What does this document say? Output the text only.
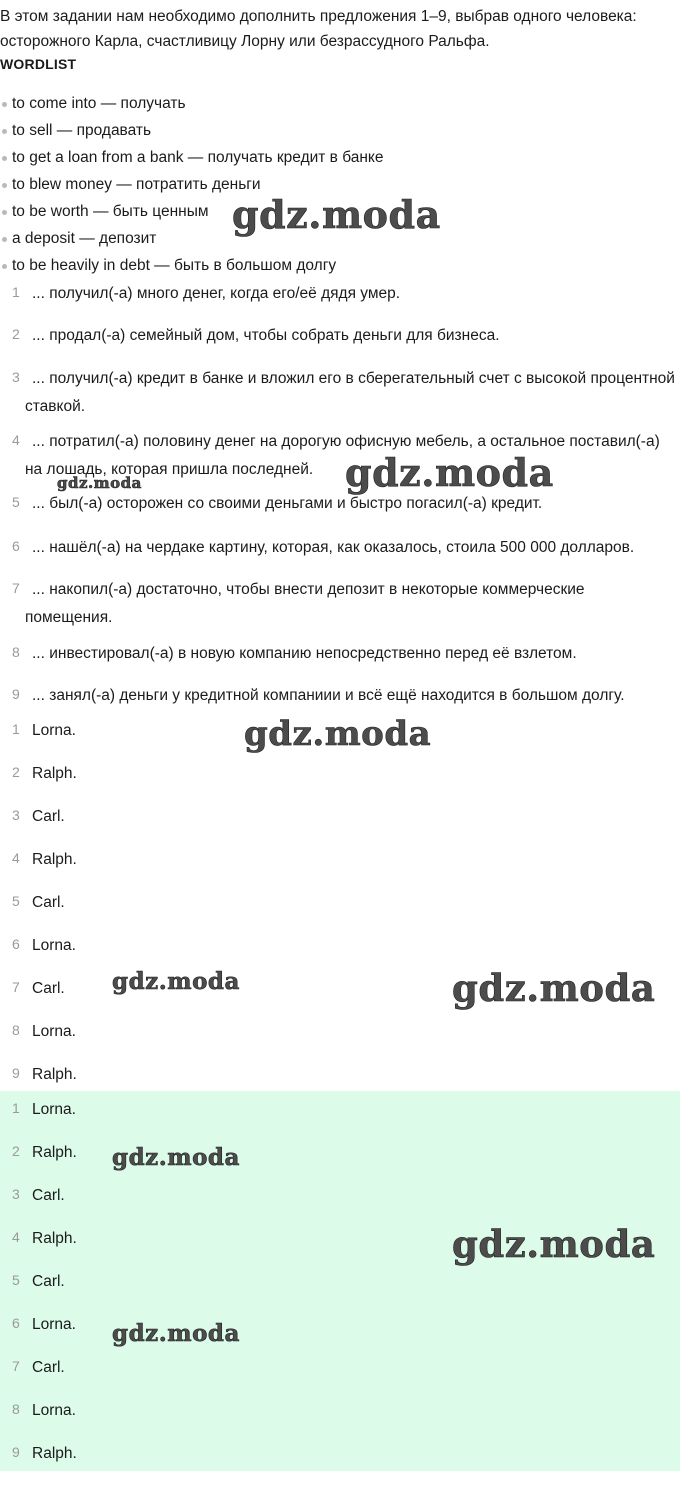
В этом задании нам необходимо дополнить предложения 1–9, выбрав одного человека: осторожного Карла, счастливицу Лорну или безрассудного Ральфа.

WORDLIST
to come into — получать
to sell — продавать
to get a loan from a bank — получать кредит в банке
to blew money — потратить деньги
to be worth — быть ценным
a deposit — депозит
to be heavily in debt — быть в большом долгу
1 ... получил(-а) много денег, когда его/её дядя умер.
2 ... продал(-а) семейный дом, чтобы собрать деньги для бизнеса.
3 ... получил(-а) кредит в банке и вложил его в сберегательный счет с высокой процентной ставкой.
4 ... потратил(-а) половину денег на дорогую офисную мебель, а остальное поставил(-а) на лошадь, которая пришла последней.
5 ... был(-а) осторожен со своими деньгами и быстро погасил(-а) кредит.
6 ... нашёл(-а) на чердаке картину, которая, как оказалось, стоила 500 000 долларов.
7 ... накопил(-а) достаточно, чтобы внести депозит в некоторые коммерческие помещения.
8 ... инвестировал(-а) в новую компанию непосредственно перед её взлетом.
9 ... занял(-а) деньги у кредитной компаниии и всё ещё находится в большом долгу.
1 Lorna.
2 Ralph.
3 Carl.
4 Ralph.
5 Carl.
6 Lorna.
7 Carl.
8 Lorna.
9 Ralph.
1 Lorna.
2 Ralph.
3 Carl.
4 Ralph.
5 Carl.
6 Lorna.
7 Carl.
8 Lorna.
9 Ralph.
gdz.moda
gdz.moda
gdz.moda
gdz.moda
gdz.moda	gdz.moda
gdz.moda
gdz.moda
gdz.moda
